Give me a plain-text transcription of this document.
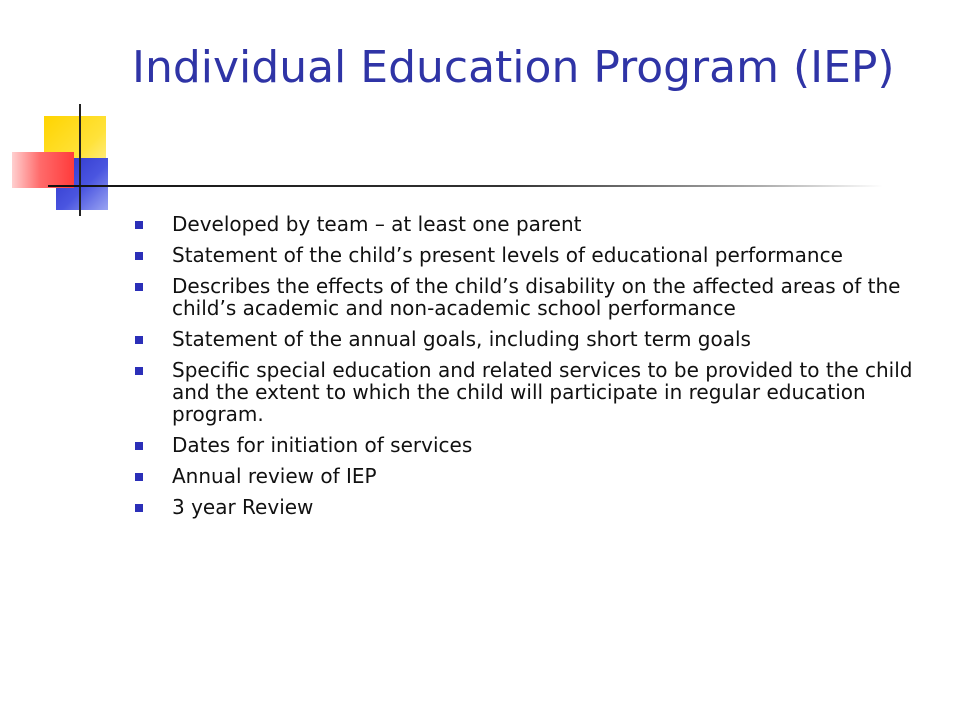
Individual Education Program (IEP)
Developed by team – at least one parent
Statement of the child’s present levels of educational performance
Describes the effects of the child’s disability on the affected areas of the child’s academic and non-academic school performance
Statement of the annual goals, including short term goals
Specific special education and related services to be provided to the child and the extent to which the child will participate in regular education program.
Dates for initiation of services
Annual review of IEP
3 year Review
